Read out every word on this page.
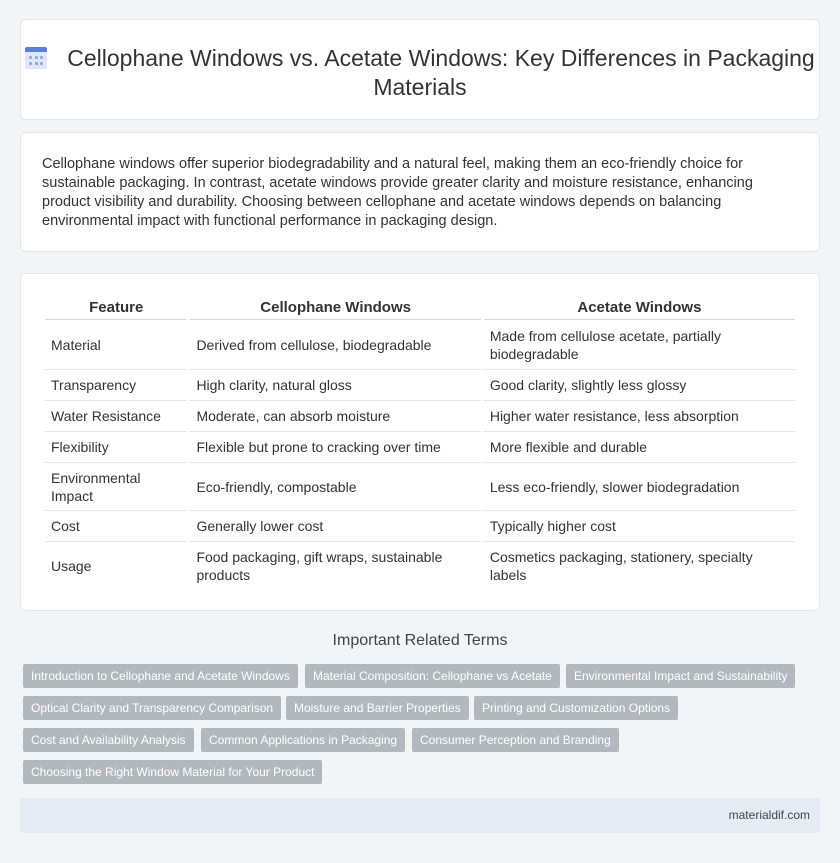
Cellophane Windows vs. Acetate Windows: Key Differences in Packaging Materials

Cellophane windows offer superior biodegradability and a natural feel, making them an eco-friendly choice for sustainable packaging. In contrast, acetate windows provide greater clarity and moisture resistance, enhancing product visibility and durability. Choosing between cellophane and acetate windows depends on balancing environmental impact with functional performance in packaging design.

Feature	Cellophane Windows	Acetate Windows
Material	Derived from cellulose, biodegradable	Made from cellulose acetate, partially biodegradable
Transparency	High clarity, natural gloss	Good clarity, slightly less glossy
Water Resistance	Moderate, can absorb moisture	Higher water resistance, less absorption
Flexibility	Flexible but prone to cracking over time	More flexible and durable
Environmental Impact	Eco-friendly, compostable	Less eco-friendly, slower biodegradation
Cost	Generally lower cost	Typically higher cost
Usage	Food packaging, gift wraps, sustainable products	Cosmetics packaging, stationery, specialty labels
Important Related Terms
Introduction to Cellophane and Acetate Windows	Material Composition: Cellophane vs Acetate	Environmental Impact and Sustainability
Optical Clarity and Transparency Comparison	Moisture and Barrier Properties	Printing and Customization Options
Cost and Availability Analysis	Common Applications in Packaging	Consumer Perception and Branding
Choosing the Right Window Material for Your Product
materialdif.com
